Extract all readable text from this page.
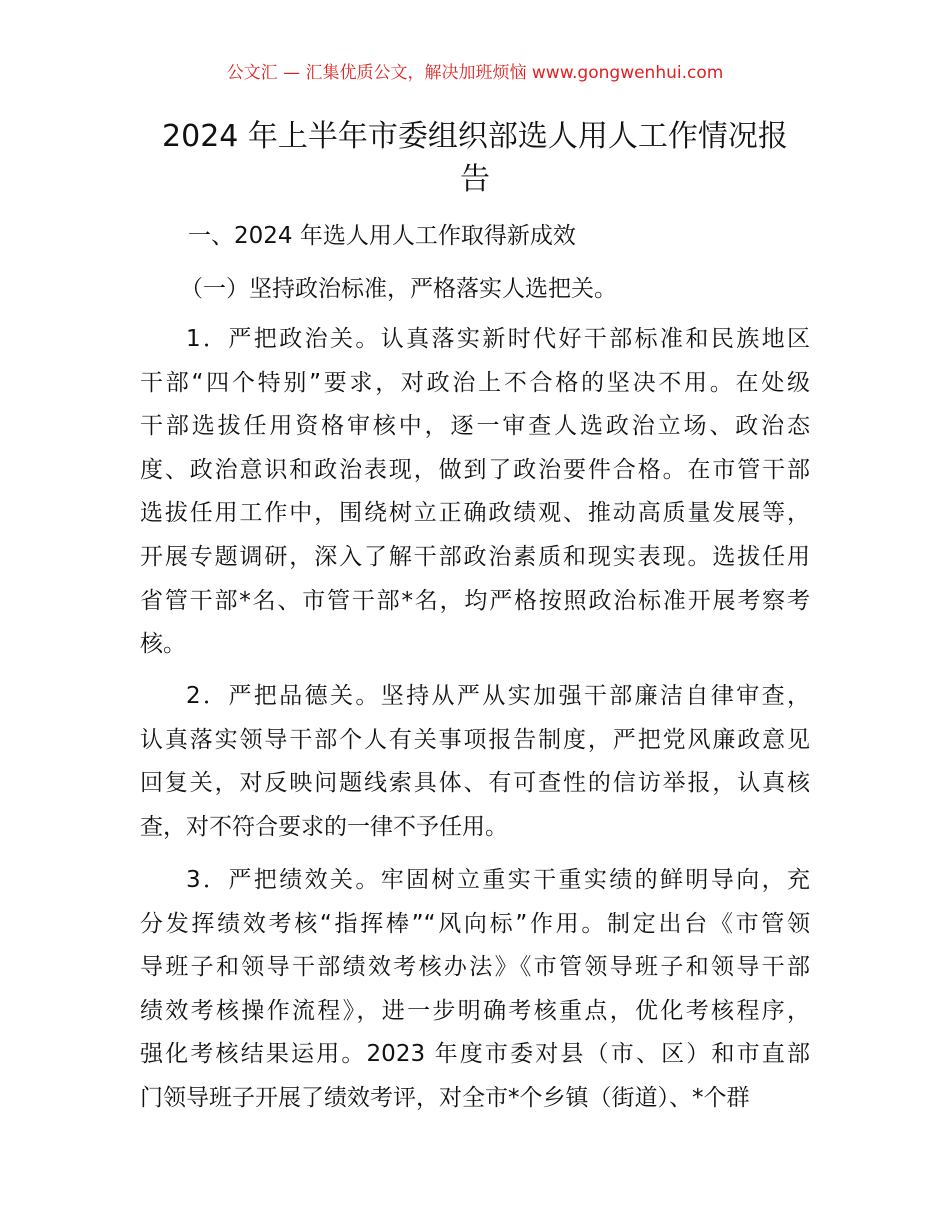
公文汇 — 汇集优质公文，解决加班烦恼 www.gongwenhui.com
2024 年上半年市委组织部选人用人工作情况报
告
一、2024 年选人用人工作取得新成效
（一）坚持政治标准，严格落实人选把关。
1．严把政治关。认真落实新时代好干部标准和民族地区
干部“四个特别”要求，对政治上不合格的坚决不用。在处级
干部选拔任用资格审核中，逐一审查人选政治立场、政治态
度、政治意识和政治表现，做到了政治要件合格。在市管干部
选拔任用工作中，围绕树立正确政绩观、推动高质量发展等，
开展专题调研，深入了解干部政治素质和现实表现。选拔任用
省管干部*名、市管干部*名，均严格按照政治标准开展考察考
核。
2．严把品德关。坚持从严从实加强干部廉洁自律审查，
认真落实领导干部个人有关事项报告制度，严把党风廉政意见
回复关，对反映问题线索具体、有可查性的信访举报，认真核
查，对不符合要求的一律不予任用。
3．严把绩效关。牢固树立重实干重实绩的鲜明导向，充
分发挥绩效考核“指挥棒”“风向标”作用。制定出台《市管领
导班子和领导干部绩效考核办法》《市管领导班子和领导干部
绩效考核操作流程》，进一步明确考核重点，优化考核程序，
强化考核结果运用。2023 年度市委对县（市、区）和市直部
门领导班子开展了绩效考评，对全市*个乡镇（街道）、*个群
